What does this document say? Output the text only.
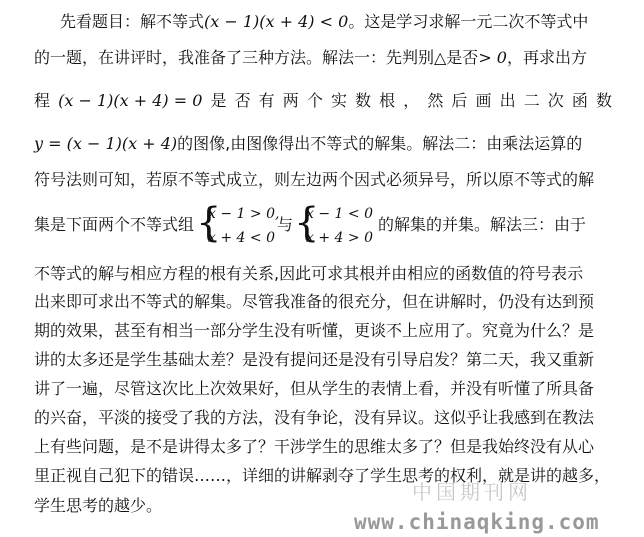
先看题目：解不等式(x − 1)(x + 4) < 0。这是学习求解一元二次不等式中
的一题，在讲评时，我准备了三种方法。解法一：先判别△是否> 0，再求出方
程 (x − 1)(x + 4) = 0 是 否 有 两 个 实 数 根 ， 然 后 画 出 二 次 函 数
y = (x − 1)(x + 4)的图像,由图像得出不等式的解集。解法二：由乘法运算的
符号法则可知，若原不等式成立，则左边两个因式必须异号，所以原不等式的解
集是下面两个不等式组 {
x − 1 > 0,
x + 4 < 0
与 {
x − 1 < 0
x + 4 > 0
的解集的并集。解法三：由于
不等式的解与相应方程的根有关系,因此可求其根并由相应的函数值的符号表示
出来即可求出不等式的解集。尽管我准备的很充分，但在讲解时，仍没有达到预
期的效果，甚至有相当一部分学生没有听懂，更谈不上应用了。究竟为什么？是
讲的太多还是学生基础太差？是没有提问还是没有引导启发？第二天，我又重新
讲了一遍，尽管这次比上次效果好，但从学生的表情上看，并没有听懂了所具备
的兴奋，平淡的接受了我的方法，没有争论，没有异议。这似乎让我感到在教法
上有些问题，是不是讲得太多了？干涉学生的思维太多了？但是我始终没有从心
里正视自己犯下的错误……，详细的讲解剥夺了学生思考的权利，就是讲的越多，
学生思考的越少。
中国期刊网
www.chinaqking.com
